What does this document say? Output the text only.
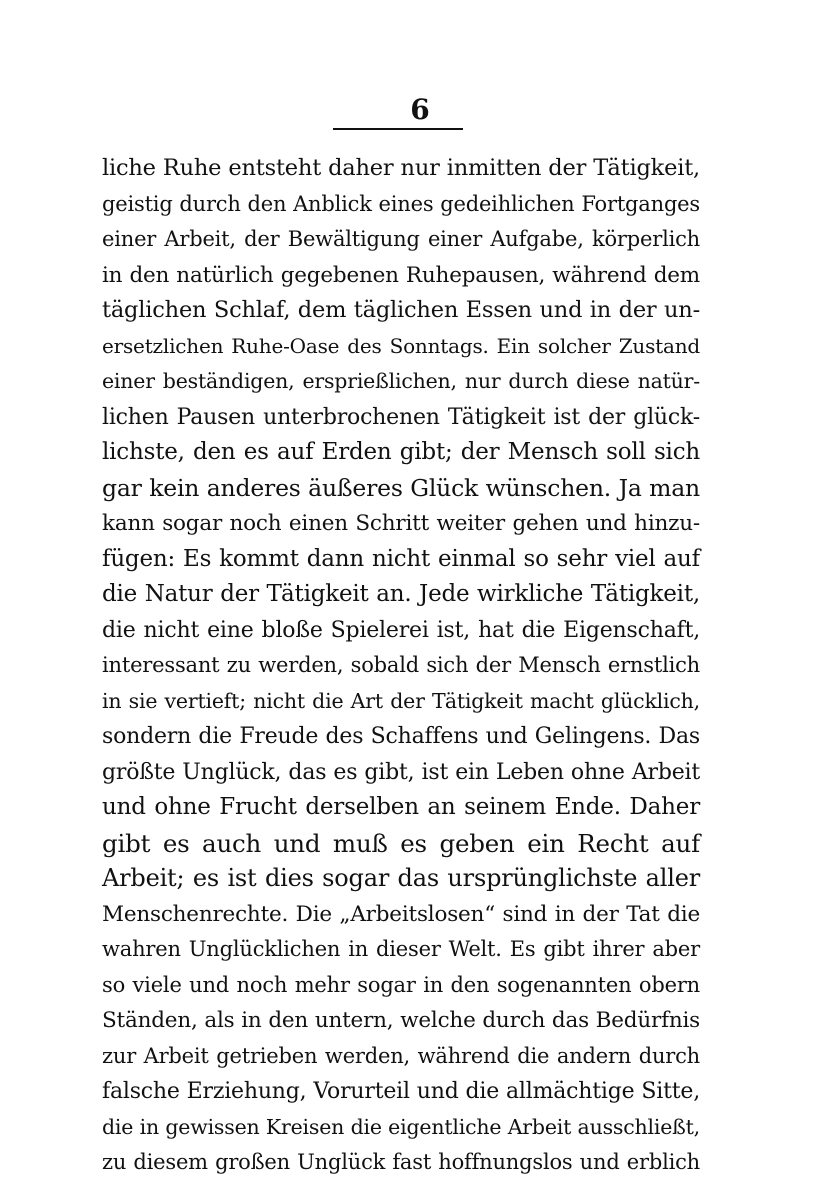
6
liche Ruhe entsteht daher nur inmitten der Tätigkeit,
geistig durch den Anblick eines gedeihlichen Fortganges
einer Arbeit, der Bewältigung einer Aufgabe, körperlich
in den natürlich gegebenen Ruhepausen, während dem
täglichen Schlaf, dem täglichen Essen und in der un-
ersetzlichen Ruhe-Oase des Sonntags. Ein solcher Zustand
einer beständigen, ersprießlichen, nur durch diese natür-
lichen Pausen unterbrochenen Tätigkeit ist der glück-
lichste, den es auf Erden gibt; der Mensch soll sich
gar kein anderes äußeres Glück wünschen. Ja man
kann sogar noch einen Schritt weiter gehen und hinzu-
fügen: Es kommt dann nicht einmal so sehr viel auf
die Natur der Tätigkeit an. Jede wirkliche Tätigkeit,
die nicht eine bloße Spielerei ist, hat die Eigenschaft,
interessant zu werden, sobald sich der Mensch ernstlich
in sie vertieft; nicht die Art der Tätigkeit macht glücklich,
sondern die Freude des Schaffens und Gelingens. Das
größte Unglück, das es gibt, ist ein Leben ohne Arbeit
und ohne Frucht derselben an seinem Ende. Daher
gibt es auch und muß es geben ein Recht auf
Arbeit; es ist dies sogar das ursprünglichste aller
Menschenrechte. Die „Arbeitslosen“ sind in der Tat die
wahren Unglücklichen in dieser Welt. Es gibt ihrer aber
so viele und noch mehr sogar in den sogenannten obern
Ständen, als in den untern, welche durch das Bedürfnis
zur Arbeit getrieben werden, während die andern durch
falsche Erziehung, Vorurteil und die allmächtige Sitte,
die in gewissen Kreisen die eigentliche Arbeit ausschließt,
zu diesem großen Unglück fast hoffnungslos und erblich
